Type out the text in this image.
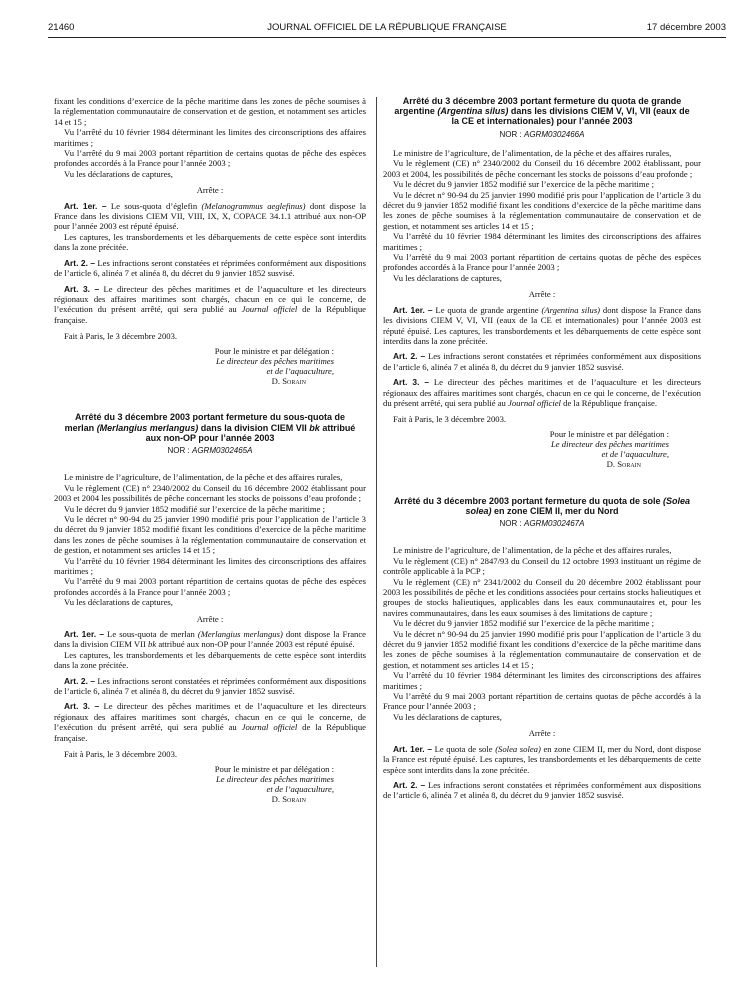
21460	JOURNAL OFFICIEL DE LA RÉPUBLIQUE FRANÇAISE	17 décembre 2003

fixant les conditions d’exercice de la pêche maritime dans les zones de pêche soumises à la réglementation communautaire de conservation et de gestion, et notamment ses articles 14 et 15 ;

Vu l’arrêté du 10 février 1984 déterminant les limites des circonscriptions des affaires maritimes ;

Vu l’arrêté du 9 mai 2003 portant répartition de certains quotas de pêche des espèces profondes accordés à la France pour l’année 2003 ;

Vu les déclarations de captures,

Arrête :

Art. 1er. – Le sous-quota d’églefin (Melanogrammus aeglefinus) dont dispose la France dans les divisions CIEM VII, VIII, IX, X, COPACE 34.1.1 attribué aux non-OP pour l’année 2003 est réputé épuisé.

Les captures, les transbordements et les débarquements de cette espèce sont interdits dans la zone précitée.

Art. 2. – Les infractions seront constatées et réprimées conformément aux dispositions de l’article 6, alinéa 7 et alinéa 8, du décret du 9 janvier 1852 susvisé.

Art. 3. – Le directeur des pêches maritimes et de l’aquaculture et les directeurs régionaux des affaires maritimes sont chargés, chacun en ce qui le concerne, de l’exécution du présent arrêté, qui sera publié au Journal officiel de la République française.

Fait à Paris, le 3 décembre 2003.

Pour le ministre et par délégation :
Le directeur des pêches maritimes
et de l’aquaculture,
D. Sorain
Arrêté du 3 décembre 2003 portant fermeture du sous-quota de merlan (Merlangius merlangus) dans la division CIEM VII bk attribué aux non-OP pour l’année 2003
NOR : AGRM0302465A

Le ministre de l’agriculture, de l’alimentation, de la pêche et des affaires rurales,

Vu le règlement (CE) n° 2340/2002 du Conseil du 16 décembre 2002 établissant pour 2003 et 2004 les possibilités de pêche concernant les stocks de poissons d’eau profonde ;

Vu le décret du 9 janvier 1852 modifié sur l’exercice de la pêche maritime ;

Vu le décret n° 90-94 du 25 janvier 1990 modifié pris pour l’application de l’article 3 du décret du 9 janvier 1852 modifié fixant les conditions d’exercice de la pêche maritime dans les zones de pêche soumises à la réglementation communautaire de conservation et de gestion, et notamment ses articles 14 et 15 ;

Vu l’arrêté du 10 février 1984 déterminant les limites des circonscriptions des affaires maritimes ;

Vu l’arrêté du 9 mai 2003 portant répartition de certains quotas de pêche des espèces profondes accordés à la France pour l’année 2003 ;

Vu les déclarations de captures,

Arrête :

Art. 1er. – Le sous-quota de merlan (Merlangius merlangus) dont dispose la France dans la division CIEM VII bk attribué aux non-OP pour l’année 2003 est réputé épuisé.

Les captures, les transbordements et les débarquements de cette espèce sont interdits dans la zone précitée.

Art. 2. – Les infractions seront constatées et réprimées conformément aux dispositions de l’article 6, alinéa 7 et alinéa 8, du décret du 9 janvier 1852 susvisé.

Art. 3. – Le directeur des pêches maritimes et de l’aquaculture et les directeurs régionaux des affaires maritimes sont chargés, chacun en ce qui le concerne, de l’exécution du présent arrêté, qui sera publié au Journal officiel de la République française.

Fait à Paris, le 3 décembre 2003.

Pour le ministre et par délégation :
Le directeur des pêches maritimes
et de l’aquaculture,
D. Sorain
Arrêté du 3 décembre 2003 portant fermeture du quota de grande argentine (Argentina silus) dans les divisions CIEM V, VI, VII (eaux de la CE et internationales) pour l’année 2003
NOR : AGRM0302466A

Le ministre de l’agriculture, de l’alimentation, de la pêche et des affaires rurales,

Vu le règlement (CE) n° 2340/2002 du Conseil du 16 décembre 2002 établissant, pour 2003 et 2004, les possibilités de pêche concernant les stocks de poissons d’eau profonde ;

Vu le décret du 9 janvier 1852 modifié sur l’exercice de la pêche maritime ;

Vu le décret n° 90-94 du 25 janvier 1990 modifié pris pour l’application de l’article 3 du décret du 9 janvier 1852 modifié fixant les conditions d’exercice de la pêche maritime dans les zones de pêche soumises à la réglementation communautaire de conservation et de gestion, et notamment ses articles 14 et 15 ;

Vu l’arrêté du 10 février 1984 déterminant les limites des circonscriptions des affaires maritimes ;

Vu l’arrêté du 9 mai 2003 portant répartition de certains quotas de pêche des espèces profondes accordés à la France pour l’année 2003 ;

Vu les déclarations de captures,

Arrête :

Art. 1er. – Le quota de grande argentine (Argentina silus) dont dispose la France dans les divisions CIEM V, VI, VII (eaux de la CE et internationales) pour l’année 2003 est réputé épuisé. Les captures, les transbordements et les débarquements de cette espèce sont interdits dans la zone précitée.

Art. 2. – Les infractions seront constatées et réprimées conformément aux dispositions de l’article 6, alinéa 7 et alinéa 8, du décret du 9 janvier 1852 susvisé.

Art. 3. – Le directeur des pêches maritimes et de l’aquaculture et les directeurs régionaux des affaires maritimes sont chargés, chacun en ce qui le concerne, de l’exécution du présent arrêté, qui sera publié au Journal officiel de la République française.

Fait à Paris, le 3 décembre 2003.

Pour le ministre et par délégation :
Le directeur des pêches maritimes
et de l’aquaculture,
D. Sorain
Arrêté du 3 décembre 2003 portant fermeture du quota de sole (Solea solea) en zone CIEM II, mer du Nord
NOR : AGRM0302467A

Le ministre de l’agriculture, de l’alimentation, de la pêche et des affaires rurales,

Vu le règlement (CE) n° 2847/93 du Conseil du 12 octobre 1993 instituant un régime de contrôle applicable à la PCP ;

Vu le règlement (CE) n° 2341/2002 du Conseil du 20 décembre 2002 établissant pour 2003 les possibilités de pêche et les conditions associées pour certains stocks halieutiques et groupes de stocks halieutiques, applicables dans les eaux communautaires et, pour les navires communautaires, dans les eaux soumises à des limitations de capture ;

Vu le décret du 9 janvier 1852 modifié sur l’exercice de la pêche maritime ;

Vu le décret n° 90-94 du 25 janvier 1990 modifié pris pour l’application de l’article 3 du décret du 9 janvier 1852 modifié fixant les conditions d’exercice de la pêche maritime dans les zones de pêche soumises à la réglementation communautaire de conservation et de gestion, et notamment ses articles 14 et 15 ;

Vu l’arrêté du 10 février 1984 déterminant les limites des circonscriptions des affaires maritimes ;

Vu l’arrêté du 9 mai 2003 portant répartition de certains quotas de pêche accordés à la France pour l’année 2003 ;

Vu les déclarations de captures,

Arrête :

Art. 1er. – Le quota de sole (Solea solea) en zone CIEM II, mer du Nord, dont dispose la France est réputé épuisé. Les captures, les transbordements et les débarquements de cette espèce sont interdits dans la zone précitée.

Art. 2. – Les infractions seront constatées et réprimées conformément aux dispositions de l’article 6, alinéa 7 et alinéa 8, du décret du 9 janvier 1852 susvisé.
